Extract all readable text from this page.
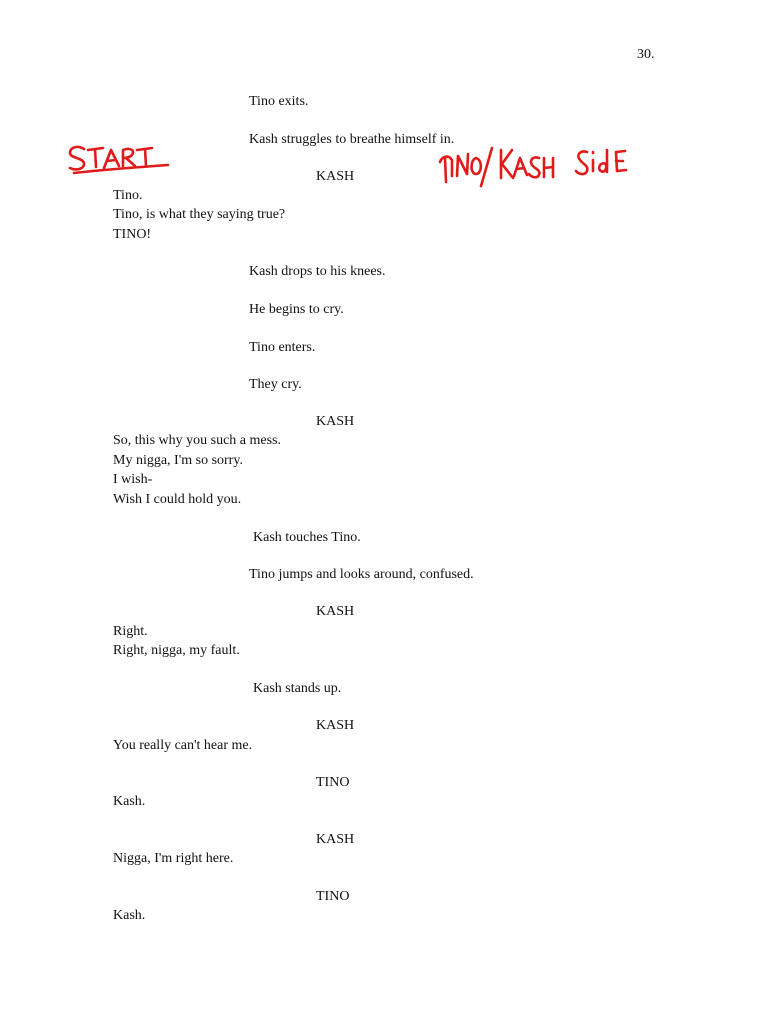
30.
Tino exits.
Kash struggles to breathe himself in.
KASH
Tino.
Tino, is what they saying true?
TINO!
Kash drops to his knees.
He begins to cry.
Tino enters.
They cry.
KASH
So, this why you such a mess.
My nigga, I'm so sorry.
I wish-
Wish I could hold you.
Kash touches Tino.
Tino jumps and looks around, confused.
KASH
Right.
Right, nigga, my fault.
Kash stands up.
KASH
You really can't hear me.
TINO
Kash.
KASH
Nigga, I'm right here.
TINO
Kash.
